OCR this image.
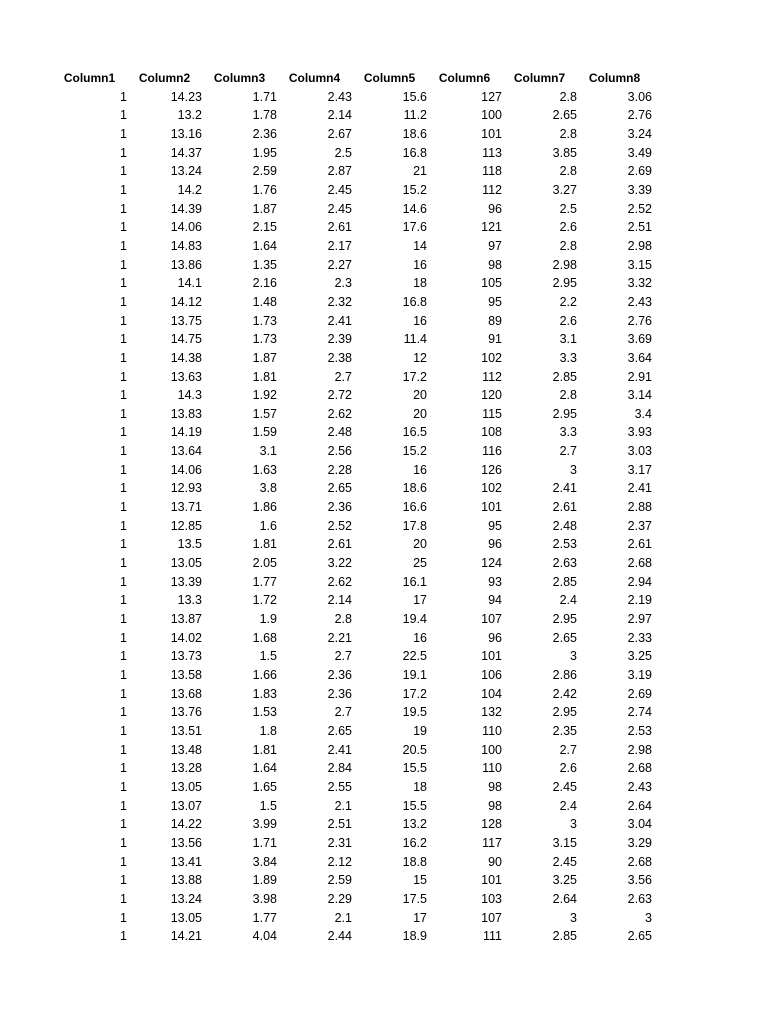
Column1	Column2	Column3	Column4	Column5	Column6	Column7	Column8
1	14.23	1.71	2.43	15.6	127	2.8	3.06
1	13.2	1.78	2.14	11.2	100	2.65	2.76
1	13.16	2.36	2.67	18.6	101	2.8	3.24
1	14.37	1.95	2.5	16.8	113	3.85	3.49
1	13.24	2.59	2.87	21	118	2.8	2.69
1	14.2	1.76	2.45	15.2	112	3.27	3.39
1	14.39	1.87	2.45	14.6	96	2.5	2.52
1	14.06	2.15	2.61	17.6	121	2.6	2.51
1	14.83	1.64	2.17	14	97	2.8	2.98
1	13.86	1.35	2.27	16	98	2.98	3.15
1	14.1	2.16	2.3	18	105	2.95	3.32
1	14.12	1.48	2.32	16.8	95	2.2	2.43
1	13.75	1.73	2.41	16	89	2.6	2.76
1	14.75	1.73	2.39	11.4	91	3.1	3.69
1	14.38	1.87	2.38	12	102	3.3	3.64
1	13.63	1.81	2.7	17.2	112	2.85	2.91
1	14.3	1.92	2.72	20	120	2.8	3.14
1	13.83	1.57	2.62	20	115	2.95	3.4
1	14.19	1.59	2.48	16.5	108	3.3	3.93
1	13.64	3.1	2.56	15.2	116	2.7	3.03
1	14.06	1.63	2.28	16	126	3	3.17
1	12.93	3.8	2.65	18.6	102	2.41	2.41
1	13.71	1.86	2.36	16.6	101	2.61	2.88
1	12.85	1.6	2.52	17.8	95	2.48	2.37
1	13.5	1.81	2.61	20	96	2.53	2.61
1	13.05	2.05	3.22	25	124	2.63	2.68
1	13.39	1.77	2.62	16.1	93	2.85	2.94
1	13.3	1.72	2.14	17	94	2.4	2.19
1	13.87	1.9	2.8	19.4	107	2.95	2.97
1	14.02	1.68	2.21	16	96	2.65	2.33
1	13.73	1.5	2.7	22.5	101	3	3.25
1	13.58	1.66	2.36	19.1	106	2.86	3.19
1	13.68	1.83	2.36	17.2	104	2.42	2.69
1	13.76	1.53	2.7	19.5	132	2.95	2.74
1	13.51	1.8	2.65	19	110	2.35	2.53
1	13.48	1.81	2.41	20.5	100	2.7	2.98
1	13.28	1.64	2.84	15.5	110	2.6	2.68
1	13.05	1.65	2.55	18	98	2.45	2.43
1	13.07	1.5	2.1	15.5	98	2.4	2.64
1	14.22	3.99	2.51	13.2	128	3	3.04
1	13.56	1.71	2.31	16.2	117	3.15	3.29
1	13.41	3.84	2.12	18.8	90	2.45	2.68
1	13.88	1.89	2.59	15	101	3.25	3.56
1	13.24	3.98	2.29	17.5	103	2.64	2.63
1	13.05	1.77	2.1	17	107	3	3
1	14.21	4.04	2.44	18.9	111	2.85	2.65
